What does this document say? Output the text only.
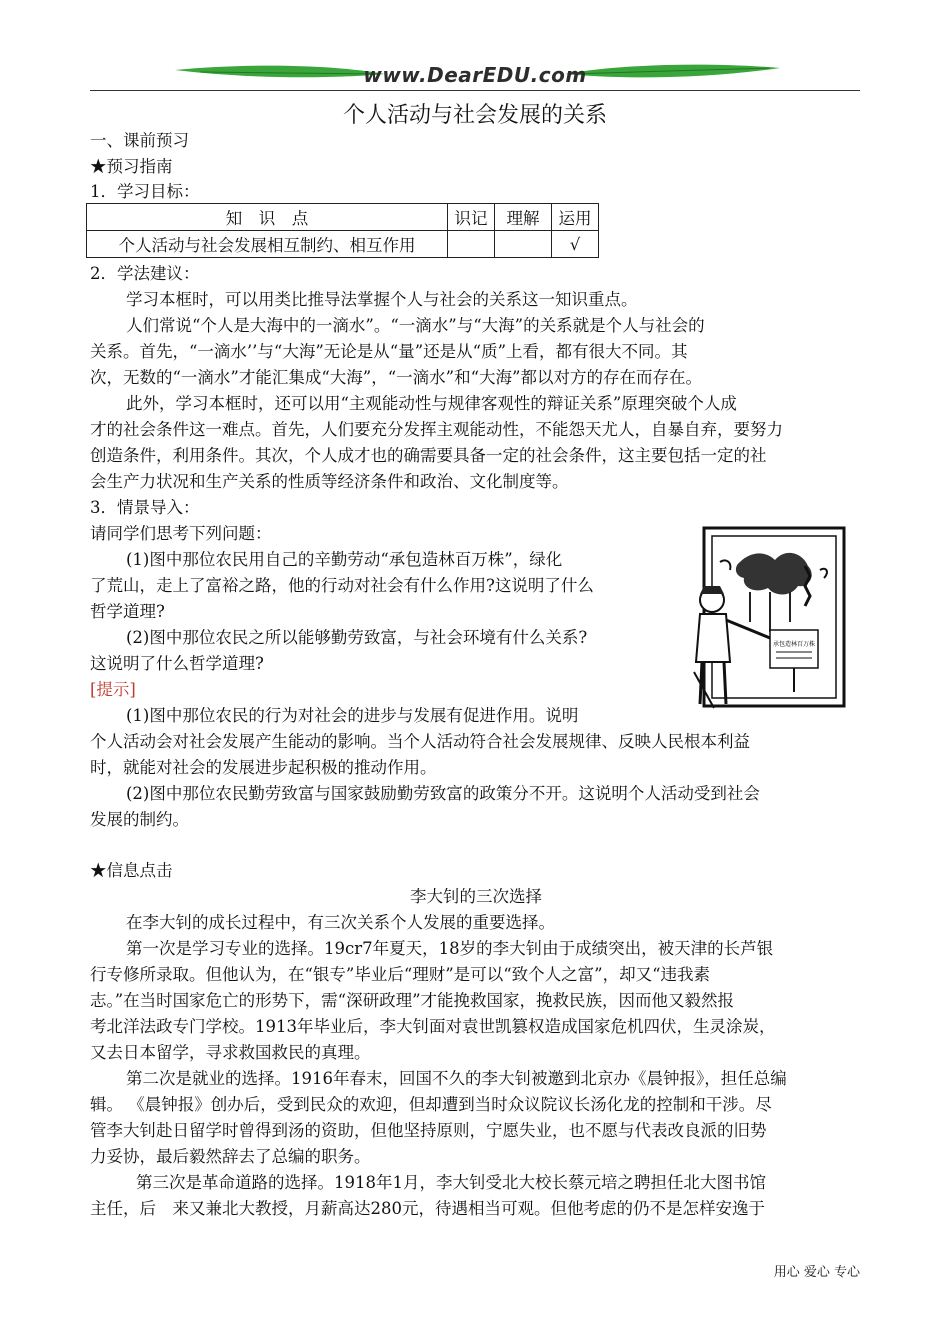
www.DearEDU.com
个人活动与社会发展的关系
一、课前预习
★预习指南
1．学习目标：
知　识　点	识记	理解	运用
个人活动与社会发展相互制约、相互作用			√
2．学法建议：
学习本框时，可以用类比推导法掌握个人与社会的关系这一知识重点。
人们常说“个人是大海中的一滴水”。“一滴水”与“大海”的关系就是个人与社会的
关系。首先，“一滴水’’与“大海”无论是从“量”还是从“质”上看，都有很大不同。其
次，无数的“一滴水”才能汇集成“大海”，“一滴水”和“大海”都以对方的存在而存在。
此外，学习本框时，还可以用“主观能动性与规律客观性的辩证关系”原理突破个人成
才的社会条件这一难点。首先，人们要充分发挥主观能动性，不能怨天尤人，自暴自弃，要努力
创造条件，利用条件。其次，个人成才也的确需要具备一定的社会条件，这主要包括一定的社
会生产力状况和生产关系的性质等经济条件和政治、文化制度等。
3．情景导入：
请同学们思考下列问题：
(1)图中那位农民用自己的辛勤劳动“承包造林百万株”，绿化
了荒山，走上了富裕之路，他的行动对社会有什么作用?这说明了什么
哲学道理?
(2)图中那位农民之所以能够勤劳致富，与社会环境有什么关系?
这说明了什么哲学道理?
[提示]
(1)图中那位农民的行为对社会的进步与发展有促进作用。说明
个人活动会对社会发展产生能动的影响。当个人活动符合社会发展规律、反映人民根本利益
时，就能对社会的发展进步起积极的推动作用。
(2)图中那位农民勤劳致富与国家鼓励勤劳致富的政策分不开。这说明个人活动受到社会
发展的制约。
承包造林百万株
★信息点击
李大钊的三次选择
在李大钊的成长过程中，有三次关系个人发展的重要选择。
第一次是学习专业的选择。19cr7年夏天，18岁的李大钊由于成绩突出，被天津的长芦银
行专修所录取。但他认为，在“银专”毕业后“理财”是可以“致个人之富”，却又“违我素
志。”在当时国家危亡的形势下，需“深研政理”才能挽救国家，挽救民族，因而他又毅然报
考北洋法政专门学校。1913年毕业后，李大钊面对袁世凯篡权造成国家危机四伏，生灵涂炭，
又去日本留学，寻求救国救民的真理。
第二次是就业的选择。1916年春末，回国不久的李大钊被邀到北京办《晨钟报》，担任总编
辑。 《晨钟报》创办后，受到民众的欢迎，但却遭到当时众议院议长汤化龙的控制和干涉。尽
管李大钊赴日留学时曾得到汤的资助，但他坚持原则，宁愿失业，也不愿与代表改良派的旧势
力妥协，最后毅然辞去了总编的职务。
第三次是革命道路的选择。1918年1月，李大钊受北大校长蔡元培之聘担任北大图书馆
主任，后　来又兼北大教授，月薪高达280元，待遇相当可观。但他考虑的仍不是怎样安逸于
用心 爱心 专心
